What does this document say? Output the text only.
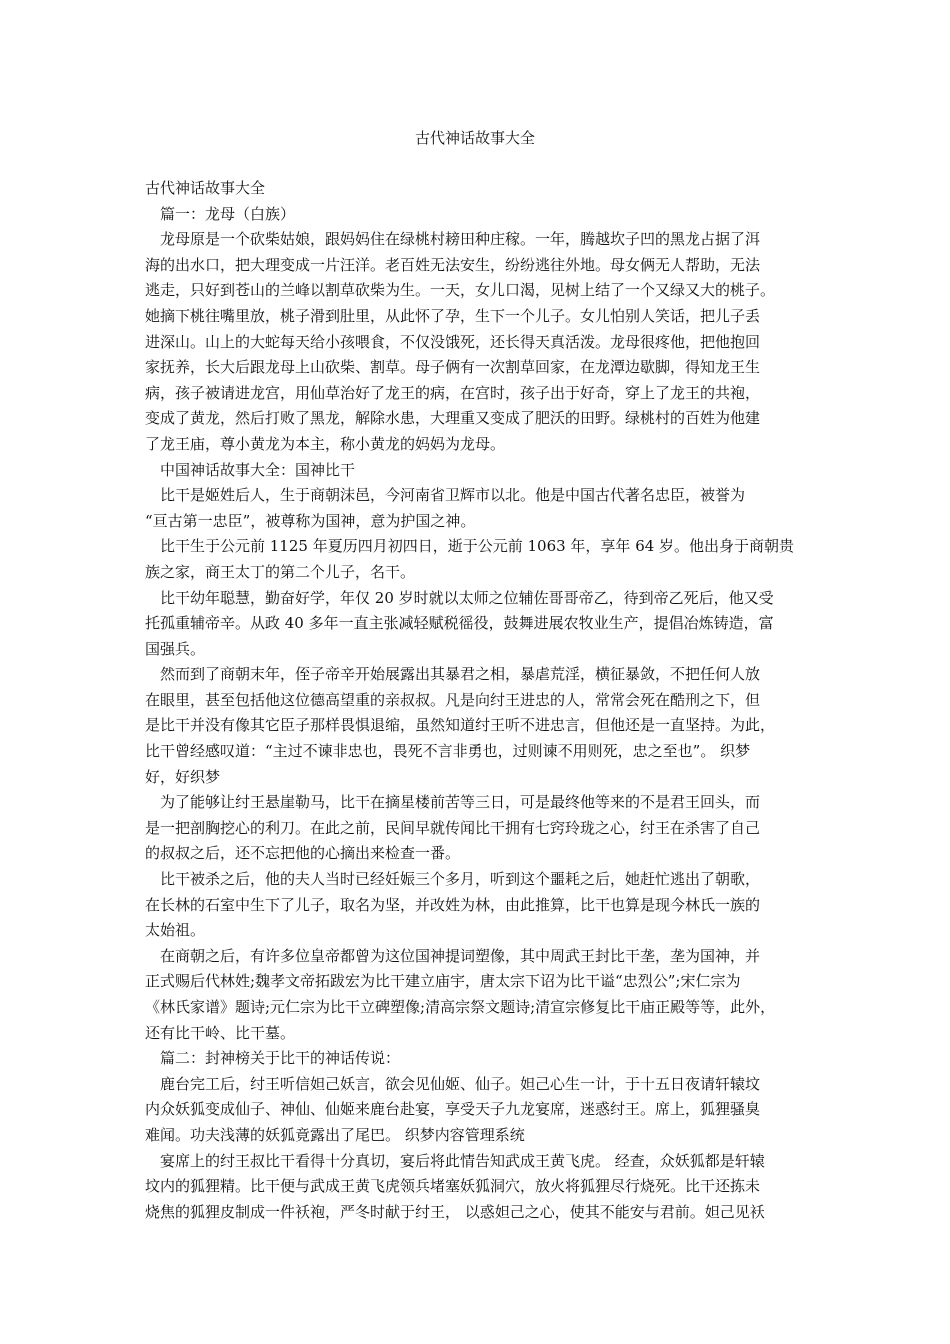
古代神话故事大全
古代神话故事大全
篇一：龙母（白族）
龙母原是一个砍柴姑娘，跟妈妈住在绿桃村耪田种庄稼。一年，腾越坎子凹的黑龙占据了洱
海的出水口，把大理变成一片汪洋。老百姓无法安生，纷纷逃往外地。母女俩无人帮助，无法
逃走，只好到苍山的兰峰以割草砍柴为生。一天，女儿口渴，见树上结了一个又绿又大的桃子。
她摘下桃往嘴里放，桃子滑到肚里，从此怀了孕，生下一个儿子。女儿怕别人笑话，把儿子丢
进深山。山上的大蛇每天给小孩喂食，不仅没饿死，还长得天真活泼。龙母很疼他，把他抱回
家抚养，长大后跟龙母上山砍柴、割草。母子俩有一次割草回家，在龙潭边歇脚，得知龙王生
病，孩子被请进龙宫，用仙草治好了龙王的病，在宫时，孩子出于好奇，穿上了龙王的共袍，
变成了黄龙，然后打败了黑龙，解除水患，大理重又变成了肥沃的田野。绿桃村的百姓为他建
了龙王庙，尊小黄龙为本主，称小黄龙的妈妈为龙母。
中国神话故事大全：国神比干
比干是姬姓后人，生于商朝沫邑，今河南省卫辉市以北。他是中国古代著名忠臣，被誉为
“亘古第一忠臣”，被尊称为国神，意为护国之神。
比干生于公元前 1125 年夏历四月初四日，逝于公元前 1063 年，享年 64 岁。他出身于商朝贵
族之家，商王太丁的第二个儿子，名干。
比干幼年聪慧，勤奋好学，年仅 20 岁时就以太师之位辅佐哥哥帝乙，待到帝乙死后，他又受
托孤重辅帝辛。从政 40 多年一直主张减轻赋税徭役，鼓舞进展农牧业生产，提倡冶炼铸造，富
国强兵。
然而到了商朝末年，侄子帝辛开始展露出其暴君之相，暴虐荒淫，横征暴敛，不把任何人放
在眼里，甚至包括他这位德高望重的亲叔叔。凡是向纣王进忠的人，常常会死在酷刑之下，但
是比干并没有像其它臣子那样畏惧退缩，虽然知道纣王听不进忠言，但他还是一直坚持。为此，
比干曾经感叹道：“主过不谏非忠也，畏死不言非勇也，过则谏不用则死，忠之至也”。 织梦
好，好织梦
为了能够让纣王悬崖勒马，比干在摘星楼前苦等三日，可是最终他等来的不是君王回头，而
是一把剖胸挖心的利刀。在此之前，民间早就传闻比干拥有七窍玲珑之心，纣王在杀害了自己
的叔叔之后，还不忘把他的心摘出来检查一番。
比干被杀之后，他的夫人当时已经妊娠三个多月，听到这个噩耗之后，她赶忙逃出了朝歌，
在长林的石室中生下了儿子，取名为坚，并改姓为林，由此推算，比干也算是现今林氏一族的
太始祖。
在商朝之后，有许多位皇帝都曾为这位国神提词塑像，其中周武王封比干垄，垄为国神，并
正式赐后代林姓;魏孝文帝拓跋宏为比干建立庙宇，唐太宗下诏为比干谥“忠烈公”;宋仁宗为
《林氏家谱》题诗;元仁宗为比干立碑塑像;清高宗祭文题诗;清宣宗修复比干庙正殿等等，此外，
还有比干岭、比干墓。
篇二：封神榜关于比干的神话传说：
鹿台完工后，纣王听信妲己妖言，欲会见仙姬、仙子。妲己心生一计，于十五日夜请轩辕坟
内众妖狐变成仙子、神仙、仙姬来鹿台赴宴，享受天子九龙宴席，迷惑纣王。席上，狐狸骚臭
难闻。功夫浅薄的妖狐竟露出了尾巴。 织梦内容管理系统
宴席上的纣王叔比干看得十分真切，宴后将此情告知武成王黄飞虎。 经查，众妖狐都是轩辕
坟内的狐狸精。比干便与武成王黄飞虎领兵堵塞妖狐洞穴，放火将狐狸尽行烧死。比干还拣未
烧焦的狐狸皮制成一件袄袍，严冬时献于纣王， 以惑妲己之心，使其不能安与君前。妲己见袄
